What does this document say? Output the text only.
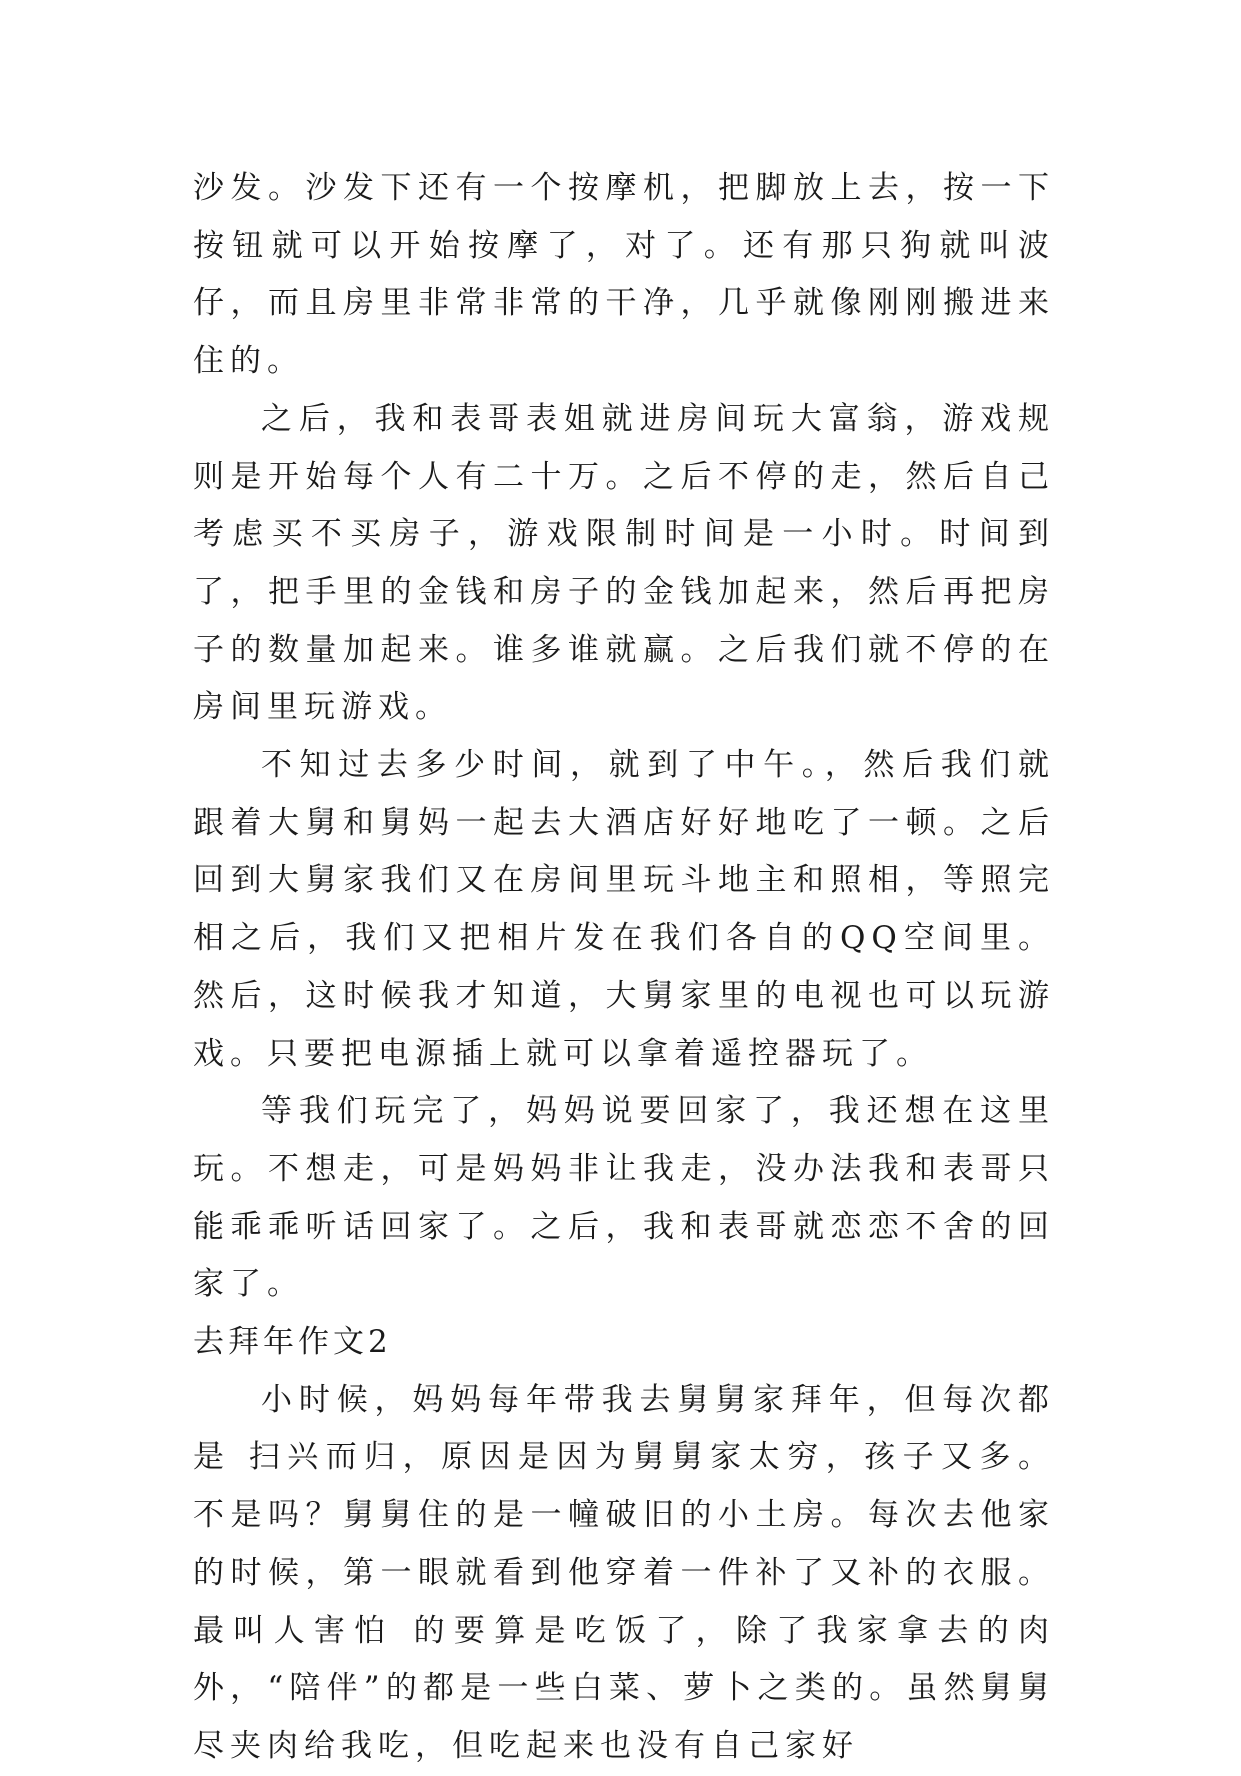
沙发。沙发下还有一个按摩机，把脚放上去，按一下按钮就可以开始按摩了，对了。还有那只狗就叫波仔，而且房里非常非常的干净，几乎就像刚刚搬进来住的。

之后，我和表哥表姐就进房间玩大富翁，游戏规则是开始每个人有二十万。之后不停的走，然后自己考虑买不买房子，游戏限制时间是一小时。时间到了，把手里的金钱和房子的金钱加起来，然后再把房子的数量加起来。谁多谁就赢。之后我们就不停的在房间里玩游戏。

不知过去多少时间，就到了中午。，然后我们就跟着大舅和舅妈一起去大酒店好好地吃了一顿。之后回到大舅家我们又在房间里玩斗地主和照相，等照完相之后，我们又把相片发在我们各自的QQ空间里。然后，这时候我才知道，大舅家里的电视也可以玩游戏。只要把电源插上就可以拿着遥控器玩了。

等我们玩完了，妈妈说要回家了，我还想在这里玩。不想走，可是妈妈非让我走，没办法我和表哥只能乖乖听话回家了。之后，我和表哥就恋恋不舍的回家了。

去拜年作文2

小时候，妈妈每年带我去舅舅家拜年，但每次都是 扫兴而归，原因是因为舅舅家太穷，孩子又多。不是吗？舅舅住的是一幢破旧的小土房。每次去他家的时候，第一眼就看到他穿着一件补了又补的衣服。最叫人害怕 的要算是吃饭了，除了我家拿去的肉外，“陪伴”的都是一些白菜、萝卜之类的。虽然舅舅尽夹肉给我吃，但吃起来也没有自己家好
